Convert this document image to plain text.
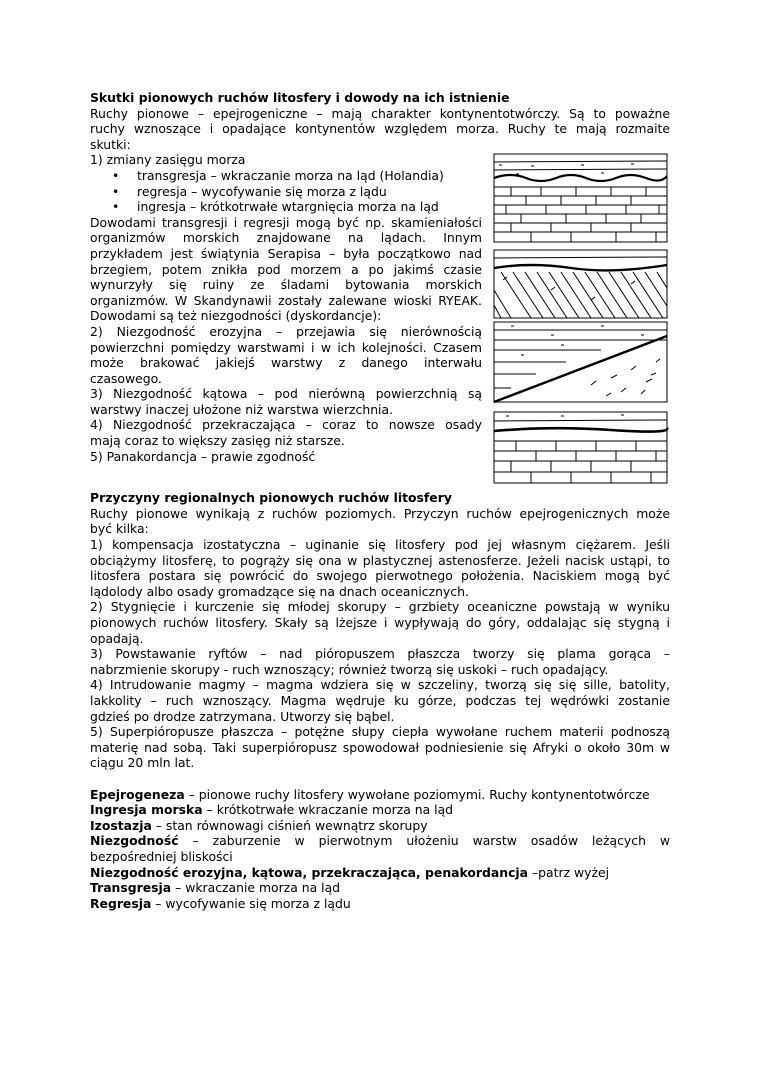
Skutki pionowych ruchów litosfery i dowody na ich istnienie
Ruchy pionowe – epejrogeniczne – mają charakter kontynentotwórczy. Są to poważne
ruchy wznoszące i opadające kontynentów względem morza. Ruchy te mają rozmaite
skutki:
1) zmiany zasięgu morza
• transgresja – wkraczanie morza na ląd (Holandia)
• regresja – wycofywanie się morza z lądu
• ingresja – krótkotrwałe wtargnięcia morza na ląd
Dowodami transgresji i regresji mogą być np. skamieniałości
organizmów morskich znajdowane na lądach. Innym
przykładem jest świątynia Serapisa – była początkowo nad
brzegiem, potem znikła pod morzem a po jakimś czasie
wynurzyły się ruiny ze śladami bytowania morskich
organizmów. W Skandynawii zostały zalewane wioski RYEAK.
Dowodami są też niezgodności (dyskordancje):
2) Niezgodność erozyjna – przejawia się nierównością
powierzchni pomiędzy warstwami i w ich kolejności. Czasem
może brakować jakiejś warstwy z danego interwału
czasowego.
3) Niezgodność kątowa – pod nierówną powierzchnią są
warstwy inaczej ułożone niż warstwa wierzchnia.
4) Niezgodność przekraczająca – coraz to nowsze osady
mają coraz to większy zasięg niż starsze.
5) Panakordancja – prawie zgodność
Przyczyny regionalnych pionowych ruchów litosfery
Ruchy pionowe wynikają z ruchów poziomych. Przyczyn ruchów epejrogenicznych może
być kilka:
1) kompensacja izostatyczna – uginanie się litosfery pod jej własnym ciężarem. Jeśli
obciążymy litosferę, to pogrąży się ona w plastycznej astenosferze. Jeżeli nacisk ustąpi, to
litosfera postara się powrócić do swojego pierwotnego położenia. Naciskiem mogą być
lądolody albo osady gromadzące się na dnach oceanicznych.
2) Stygnięcie i kurczenie się młodej skorupy – grzbiety oceaniczne powstają w wyniku
pionowych ruchów litosfery. Skały są lżejsze i wypływają do góry, oddalając się stygną i
opadają.
3) Powstawanie ryftów – nad pióropuszem płaszcza tworzy się plama gorąca –
nabrzmienie skorupy - ruch wznoszący; również tworzą się uskoki – ruch opadający.
4) Intrudowanie magmy – magma wdziera się w szczeliny, tworzą się się sille, batolity,
lakkolity – ruch wznoszący. Magma wędruje ku górze, podczas tej wędrówki zostanie
gdzieś po drodze zatrzymana. Utworzy się bąbel.
5) Superpióropusze płaszcza – potężne słupy ciepła wywołane ruchem materii podnoszą
materię nad sobą. Taki superpióropusz spowodował podniesienie się Afryki o około 30m w
ciągu 20 mln lat.
Epejrogeneza – pionowe ruchy litosfery wywołane poziomymi. Ruchy kontynentotwórcze
Ingresja morska – krótkotrwałe wkraczanie morza na ląd
Izostazja – stan równowagi ciśnień wewnątrz skorupy
Niezgodność – zaburzenie w pierwotnym ułożeniu warstw osadów leżących w
bezpośredniej bliskości
Niezgodność erozyjna, kątowa, przekraczająca, penakordancja –patrz wyżej
Transgresja – wkraczanie morza na ląd
Regresja – wycofywanie się morza z lądu
